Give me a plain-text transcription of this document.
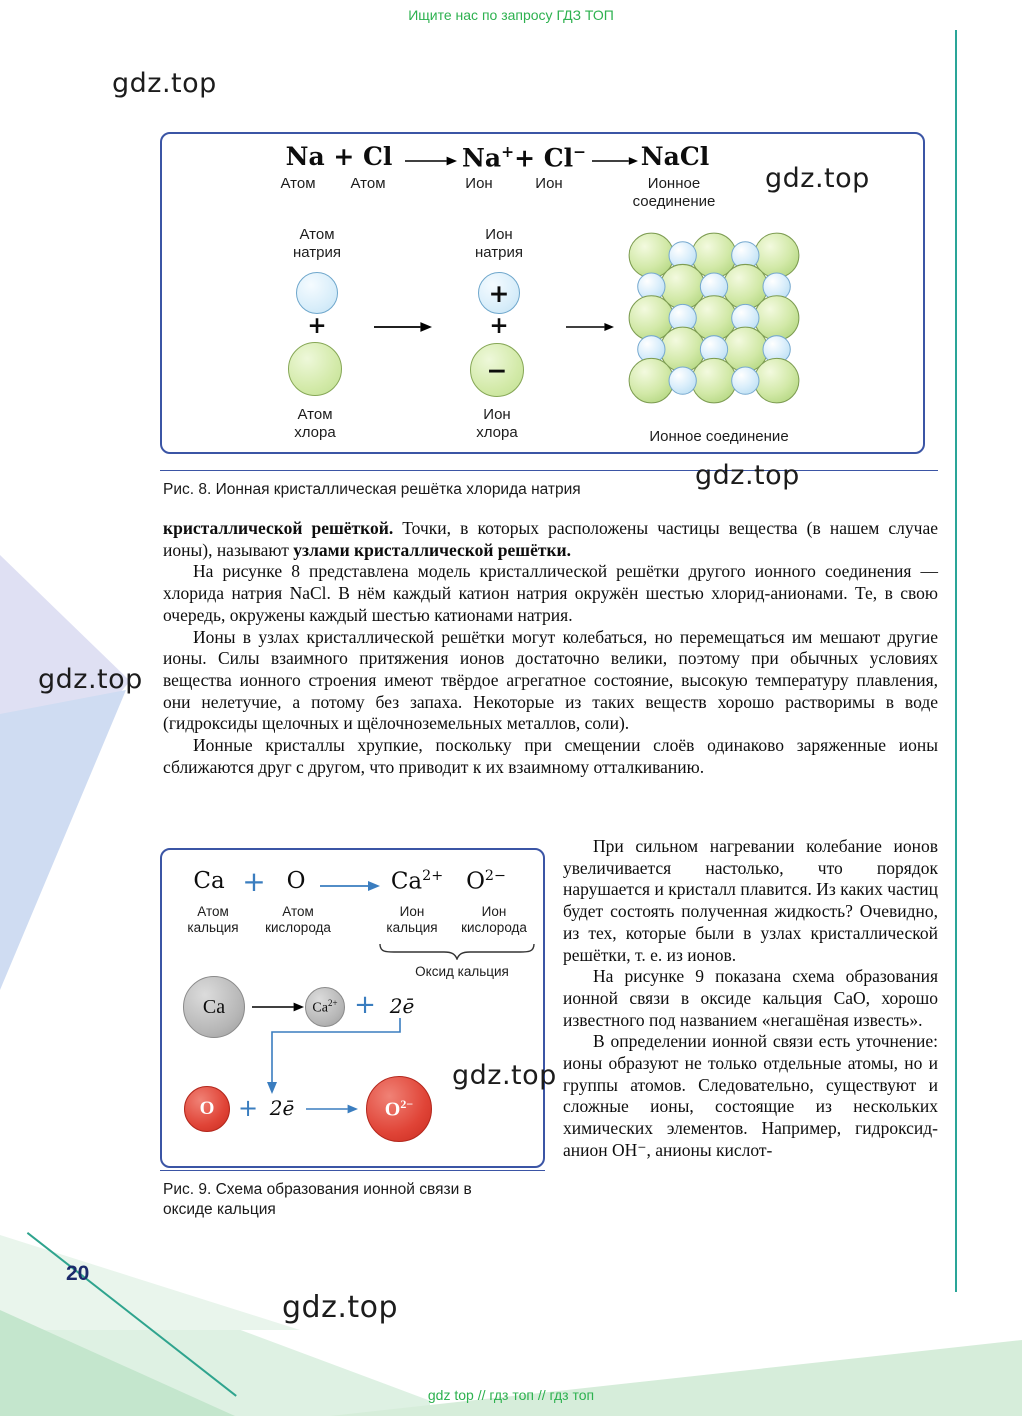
Ищите нас по запросу ГДЗ ТОП
gdz top // гдз топ // гдз топ
Na + Cl	Na++ Cl− NaCl
Атом	Атом	Ион	Ион	Ионное соединение
Атом натрия
+
Атом хлора
Ион натрия
+
+
−
Ион хлора	Ионное соединение
Рис. 8. Ионная кристаллическая решётка хлорида натрия

кристаллической решёткой. Точки, в которых расположены частицы вещества (в нашем случае ионы), называют узлами кристаллической решётки.

На рисунке 8 представлена модель кристаллической решётки другого ионного соединения — хлорида натрия NaCl. В нём каждый катион натрия окружён шестью хлорид-анионами. Те, в свою очередь, окружены каждый шестью катионами натрия.

Ионы в узлах кристаллической решётки могут колебаться, но перемещаться им мешают другие ионы. Силы взаимного притяжения ионов достаточно велики, поэтому при обычных условиях вещества ионного строения имеют твёрдое агрегатное состояние, высокую температуру плавления, они нелетучие, а потому без запаха. Некоторые из таких веществ хорошо растворимы в воде (гидроксиды щелочных и щёлочноземельных металлов, соли).

Ионные кристаллы хрупкие, поскольку при смещении слоёв одинаково заряженные ионы сближаются друг с другом, что приводит к их взаимному отталкиванию.

Ca + O	$Ca^{2+}$ $O^{2-}$
Атом кальция
Атом кислорода
Ион кальция
Ион кислорода
Оксид кальция
Ca	$Ca^{2+}$ + 2ē
O + 2ē	$O^{2-}$
Рис. 9. Схема образования ионной связи в оксиде кальция

При сильном нагревании колебание ионов увеличивается настолько, что порядок нарушается и кристалл плавится. Из каких частиц будет состоять полученная жидкость? Очевидно, из тех, которые были в узлах кристаллической решётки, т. е. из ионов.

На рисунке 9 показана схема образования ионной связи в оксиде кальция CaO, хорошо известного под названием «негашёная известь».

В определении ионной связи есть уточнение: ионы образуют не только отдельные атомы, но и группы атомов. Следовательно, существуют и сложные ионы, состоящие из нескольких химических элементов. Например, гидроксид-анион OH⁻, анионы кислот-

gdz.top
gdz.top
gdz.top
gdz.top
gdz.top
gdz.top
20
